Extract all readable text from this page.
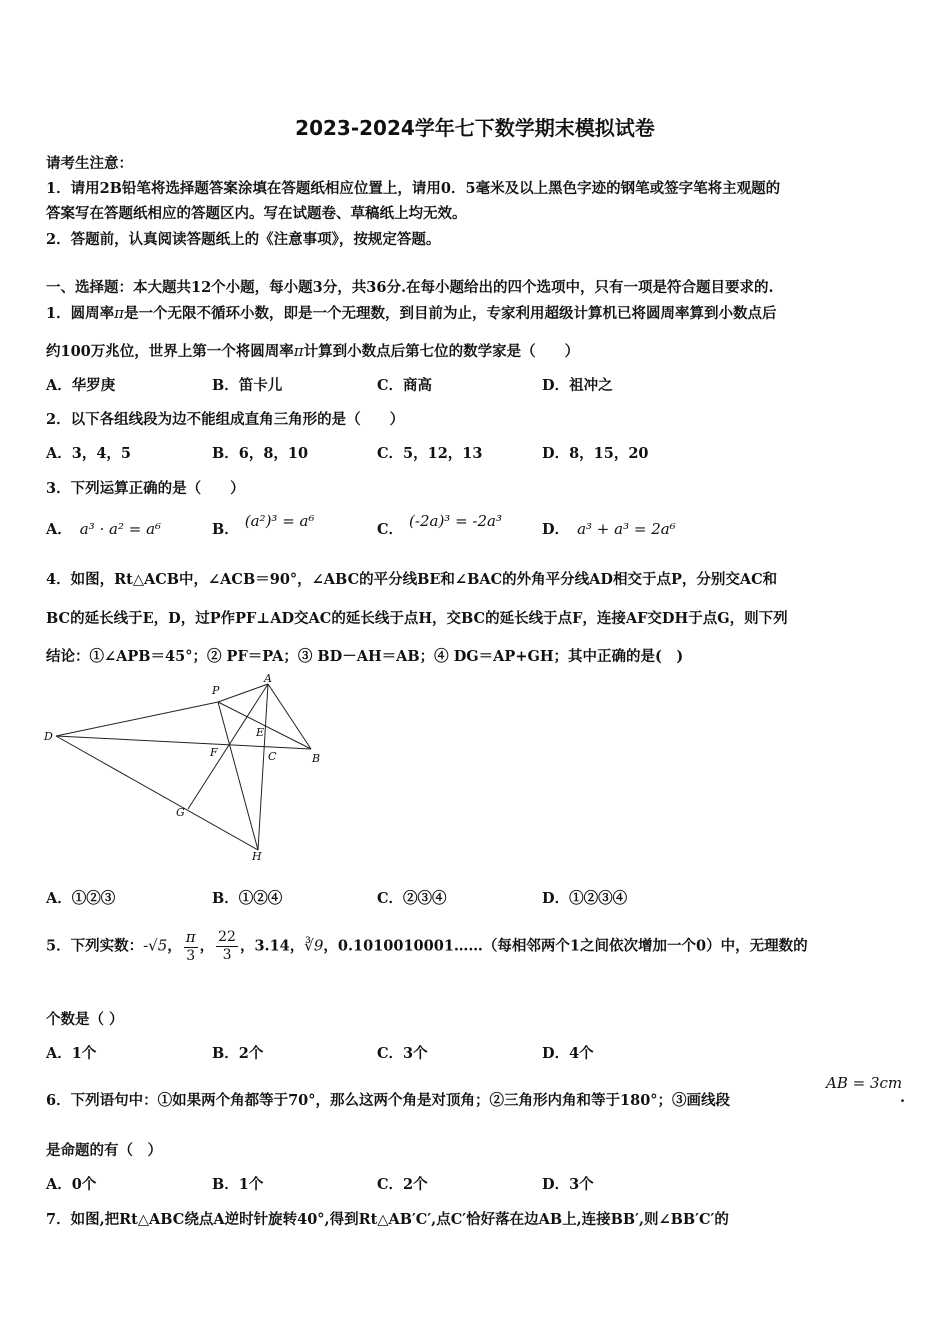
2023-2024学年七下数学期末模拟试卷
请考生注意：
1．请用2B铅笔将选择题答案涂填在答题纸相应位置上，请用0．5毫米及以上黑色字迹的钢笔或签字笔将主观题的
答案写在答题纸相应的答题区内。写在试题卷、草稿纸上均无效。
2．答题前，认真阅读答题纸上的《注意事项》，按规定答题。
一、选择题：本大题共12个小题，每小题3分，共36分.在每小题给出的四个选项中，只有一项是符合题目要求的.
1．圆周率π是一个无限不循环小数，即是一个无理数，到目前为止，专家利用超级计算机已将圆周率算到小数点后
约100万兆位，世界上第一个将圆周率π计算到小数点后第七位的数学家是（　　）
A．华罗庚	B．笛卡儿	C．商高	D．祖冲之
2．以下各组线段为边不能组成直角三角形的是（　　）
A．3，4，5	B．6，8，10	C．5，12，13	D．8，15，20
3．下列运算正确的是（　　）
A． a³ · a² = a⁶	B． (a²)³ = a⁶	C． (-2a)³ = -2a³	D． a³ + a³ = 2a⁶
4．如图，Rt△ACB中，∠ACB＝90°，∠ABC的平分线BE和∠BAC的外角平分线AD相交于点P，分别交AC和
BC的延长线于E，D，过P作PF⊥AD交AC的延长线于点H，交BC的延长线于点F，连接AF交DH于点G，则下列
结论：①∠APB＝45°；② PF＝PA；③ BD－AH＝AB；④ DG＝AP+GH；其中正确的是(　)
P
A
D	E
F	C	B
G
H
A．①②③	B．①②④	C．②③④	D．①②③④
5．下列实数：-√5， $\frac{\pi}{3}$ ， $\frac{22}{3}$ ，3.14，∛9，0.1010010001……（每相邻两个1之间依次增加一个0）中，无理数的
个数是（ ）
A．1个	B．2个	C．3个	D．4个
6．下列语句中：①如果两个角都等于70°，那么这两个角是对顶角；②三角形内角和等于180°；③画线段
AB = 3cm
.
是命题的有（　）
A．0个	B．1个	C．2个	D．3个
7．如图,把Rt△ABC绕点A逆时针旋转40°,得到Rt△AB′C′,点C′恰好落在边AB上,连接BB′,则∠BB′C′的
